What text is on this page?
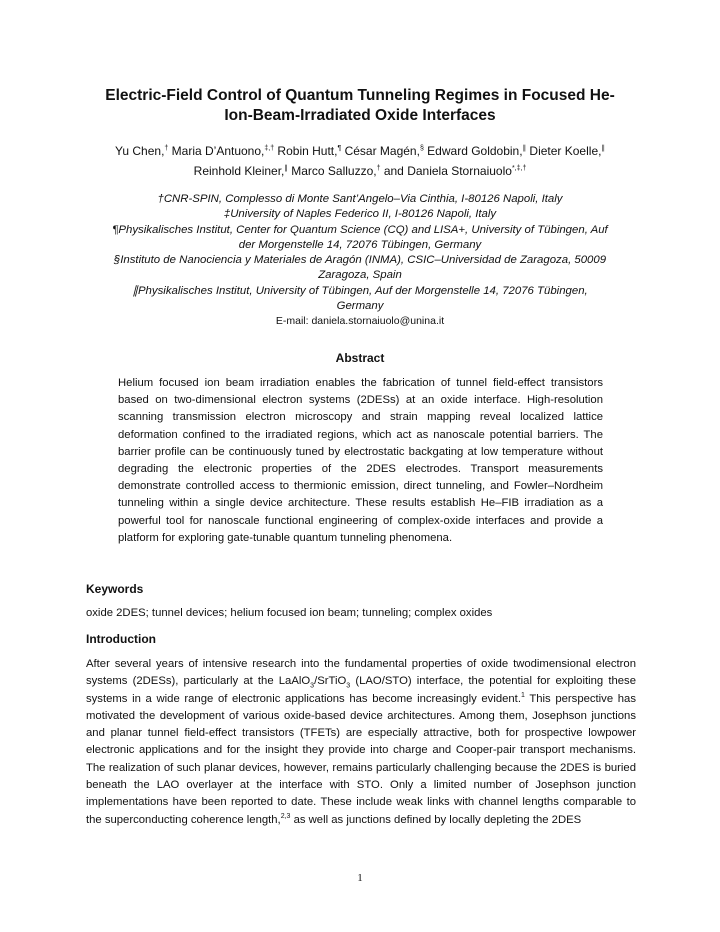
Electric-Field Control of Quantum Tunneling Regimes in Focused He-
Ion-Beam-Irradiated Oxide Interfaces
Yu Chen,† Maria D’Antuono,‡,† Robin Hutt,¶ César Magén,§ Edward Goldobin,∥ Dieter Koelle,∥
Reinhold Kleiner,∥ Marco Salluzzo,† and Daniela Stornaiuolo*,‡,†
†CNR-SPIN, Complesso di Monte Sant’Angelo–Via Cinthia, I-80126 Napoli, Italy
‡University of Naples Federico II, I-80126 Napoli, Italy
¶Physikalisches Institut, Center for Quantum Science (CQ) and LISA+, University of Tübingen, Auf der Morgenstelle 14, 72076 Tübingen, Germany
§Instituto de Nanociencia y Materiales de Aragón (INMA), CSIC–Universidad de Zaragoza, 50009 Zaragoza, Spain
∥Physikalisches Institut, University of Tübingen, Auf der Morgenstelle 14, 72076 Tübingen, Germany
E-mail: daniela.stornaiuolo@unina.it
Abstract
Helium focused ion beam irradiation enables the fabrication of tunnel field-effect transistors based on two-dimensional electron systems (2DESs) at an oxide interface. High-resolution scanning transmission electron microscopy and strain mapping reveal localized lattice deformation confined to the irradiated regions, which act as nanoscale potential barriers. The barrier profile can be continuously tuned by electrostatic backgating at low temperature without degrading the electronic properties of the 2DES electrodes. Transport measurements demonstrate controlled access to thermionic emission, direct tunneling, and Fowler–Nordheim tunneling within a single device architecture. These results establish He–FIB irradiation as a powerful tool for nanoscale functional engineering of complex-oxide interfaces and provide a platform for exploring gate-tunable quantum tunneling phenomena.
Keywords
oxide 2DES; tunnel devices; helium focused ion beam; tunneling; complex oxides
Introduction
After several years of intensive research into the fundamental properties of oxide twodimensional electron systems (2DESs), particularly at the LaAlO$_3$/SrTiO$_3$ (LAO/STO) interface, the potential for exploiting these systems in a wide range of electronic applications has become increasingly evident.$^1$ This perspective has motivated the development of various oxide-based device architectures. Among them, Josephson junctions and planar tunnel field-effect transistors (TFETs) are especially attractive, both for prospective lowpower electronic applications and for the insight they provide into charge and Cooper-pair transport mechanisms. The realization of such planar devices, however, remains particularly challenging because the 2DES is buried beneath the LAO overlayer at the interface with STO. Only a limited number of Josephson junction implementations have been reported to date. These include weak links with channel lengths comparable to the superconducting coherence length,$^{2,3}$ as well as junctions defined by locally depleting the 2DES
1
